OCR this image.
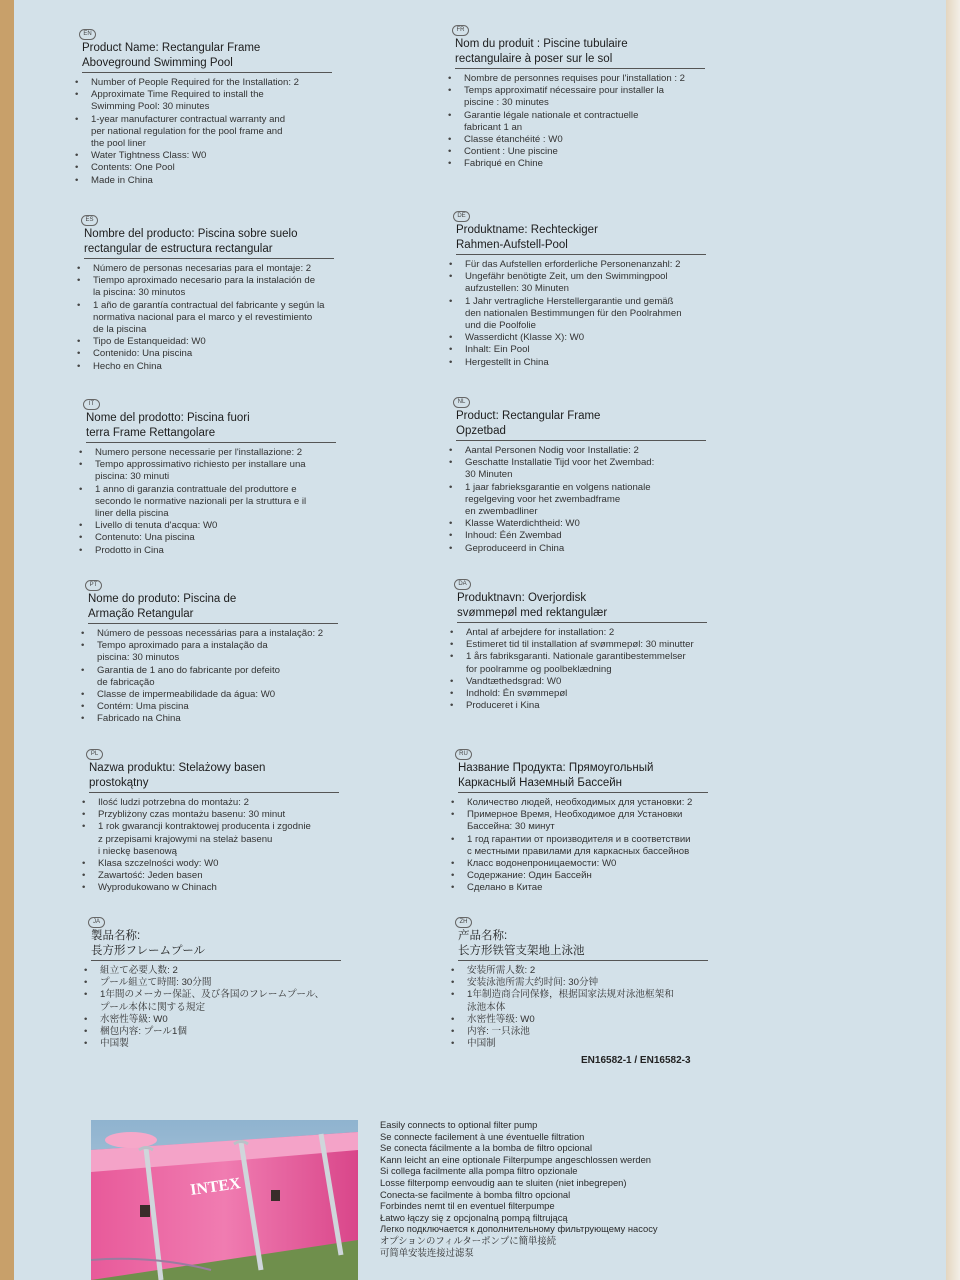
EN
Product Name: Rectangular Frame
Aboveground Swimming Pool
• Number of People Required for the Installation: 2
• Approximate Time Required to install the
Swimming Pool: 30 minutes
• 1-year manufacturer contractual warranty and
per national regulation for the pool frame and
the pool liner
• Water Tightness Class: W0
• Contents: One Pool
• Made in China
FR
Nom du produit : Piscine tubulaire
rectangulaire à poser sur le sol
• Nombre de personnes requises pour l'installation : 2
• Temps approximatif nécessaire pour installer la
piscine : 30 minutes
• Garantie légale nationale et contractuelle
fabricant 1 an
• Classe étanchéité : W0
• Contient : Une piscine
• Fabriqué en Chine
ES
Nombre del producto: Piscina sobre suelo
rectangular de estructura rectangular
• Número de personas necesarias para el montaje: 2
• Tiempo aproximado necesario para la instalación de
la piscina: 30 minutos
• 1 año de garantía contractual del fabricante y según la
normativa nacional para el marco y el revestimiento
de la piscina
• Tipo de Estanqueidad: W0
• Contenido: Una piscina
• Hecho en China
DE
Produktname: Rechteckiger
Rahmen-Aufstell-Pool
• Für das Aufstellen erforderliche Personenanzahl: 2
• Ungefähr benötigte Zeit, um den Swimmingpool
aufzustellen: 30 Minuten
• 1 Jahr vertragliche Herstellergarantie und gemäß
den nationalen Bestimmungen für den Poolrahmen
und die Poolfolie
• Wasserdicht (Klasse X): W0
• Inhalt: Ein Pool
• Hergestellt in China
IT
Nome del prodotto: Piscina fuori
terra Frame Rettangolare
• Numero persone necessarie per l'installazione: 2
• Tempo approssimativo richiesto per installare una
piscina: 30 minuti
• 1 anno di garanzia contrattuale del produttore e
secondo le normative nazionali per la struttura e il
liner della piscina
• Livello di tenuta d'acqua: W0
• Contenuto: Una piscina
• Prodotto in Cina
NL
Product: Rectangular Frame
Opzetbad
• Aantal Personen Nodig voor Installatie: 2
• Geschatte Installatie Tijd voor het Zwembad:
30 Minuten
• 1 jaar fabrieksgarantie en volgens nationale
regelgeving voor het zwembadframe
en zwembadliner
• Klasse Waterdichtheid: W0
• Inhoud: Één Zwembad
• Geproduceerd in China
PT
Nome do produto: Piscina de
Armação Retangular
• Número de pessoas necessárias para a instalação: 2
• Tempo aproximado para a instalação da
piscina: 30 minutos
• Garantia de 1 ano do fabricante por defeito
de fabricação
• Classe de impermeabilidade da água: W0
• Contém: Uma piscina
• Fabricado na China
DA
Produktnavn: Overjordisk
svømmepøl med rektangulær
• Antal af arbejdere for installation: 2
• Estimeret tid til installation af svømmepøl: 30 minutter
• 1 års fabriksgaranti. Nationale garantibestemmelser
for poolramme og poolbeklædning
• Vandtæthedsgrad: W0
• Indhold: Én svømmepøl
• Produceret i Kina
PL
Nazwa produktu: Stelażowy basen
prostokątny
• Ilość ludzi potrzebna do montażu: 2
• Przybliżony czas montażu basenu: 30 minut
• 1 rok gwarancji kontraktowej producenta i zgodnie
z przepisami krajowymi na stelaż basenu
i nieckę basenową
• Klasa szczelności wody: W0
• Zawartość: Jeden basen
• Wyprodukowano w Chinach
RU
Название Продукта: Прямоугольный
Каркасный Наземный Бассейн
• Количество людей, необходимых для установки: 2
• Примерное Время, Необходимое для Установки
Бассейна: 30 минут
• 1 год гарантии от производителя и в соответствии
с местными правилами для каркасных бассейнов
• Класс водонепроницаемости: W0
• Содержание: Один Бассейн
• Сделано в Китае
JA
製品名称:
長方形フレームプール
• 組立て必要人数: 2
• プール組立て時間: 30分間
• 1年間のメーカー保証、及び各国のフレームプール、
プール本体に関する規定
• 水密性等級: W0
• 梱包内容: プール1個
• 中国製
ZH
产品名称:
长方形铁管支架地上泳池
• 安装所需人数: 2
• 安装泳池所需大约时间: 30分钟
• 1年制造商合同保修，根据国家法规对泳池框架和
泳池本体
• 水密性等级: W0
• 内容: 一只泳池
• 中国制
EN16582-1 / EN16582-3
INTEX
Easily connects to optional filter pump
Se connecte facilement à une éventuelle filtration
Se conecta fácilmente a la bomba de filtro opcional
Kann leicht an eine optionale Filterpumpe angeschlossen werden
Si collega facilmente alla pompa filtro opzionale
Losse filterpomp eenvoudig aan te sluiten (niet inbegrepen)
Conecta-se facilmente à bomba filtro opcional
Forbindes nemt til en eventuel filterpumpe
Łatwo łączy się z opcjonalną pompą filtrującą
Легко подключается к дополнительному фильтрующему насосу
オプションのフィルターポンプに簡単接続
可简单安装连接过滤泵
